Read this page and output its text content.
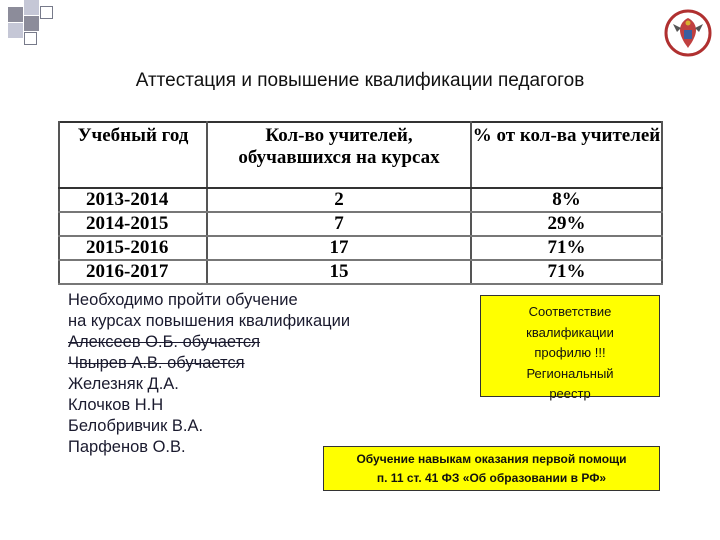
Аттестация и повышение квалификации педагогов
Учебный год	Кол-во учителей, обучавшихся на курсах	% от кол-ва учителей

2013-2014	2	8%
2014-2015	7	29%
2015-2016	17	71%
2016-2017	15	71%
Необходимо пройти обучение
на курсах повышения квалификации
Алексеев О.Б. обучается
Чвырев А.В. обучается
Железняк Д.А.
Клочков Н.Н
Белобривчик В.А.
Парфенов О.В.
Соответствие
квалификации
профилю !!!
Региональный
реестр
Обучение навыкам оказания первой помощи
п. 11 ст. 41 ФЗ «Об образовании в РФ»
